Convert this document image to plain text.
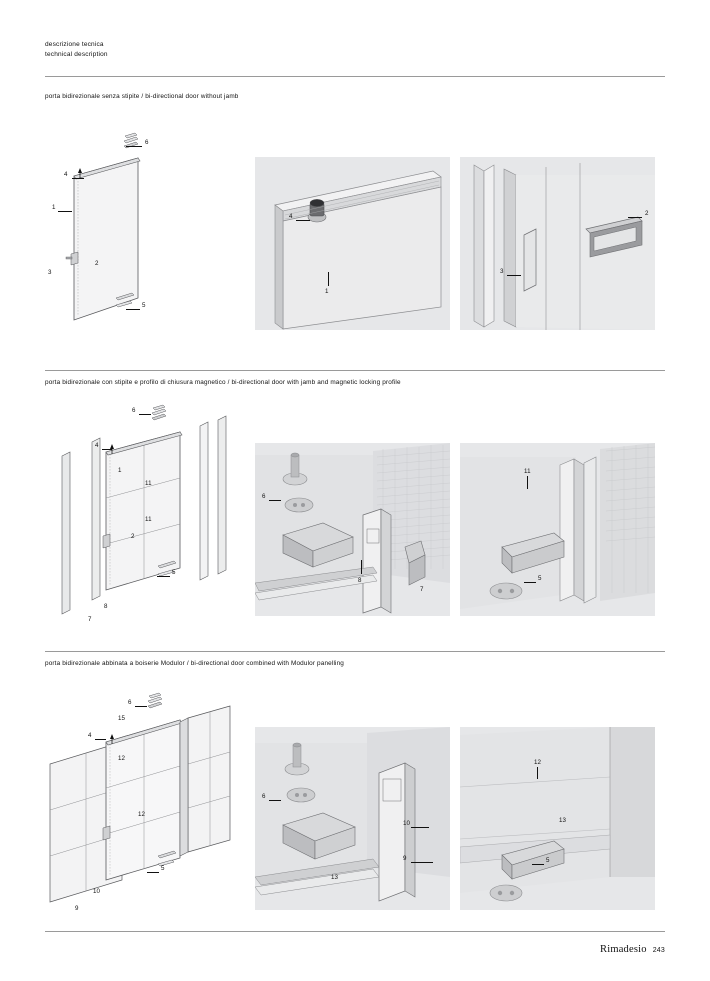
descrizione tecnica
technical description
porta bidirezionale senza stipite / bi-directional door without jamb
6
4
1
3
2
5
4
1
2
3
porta bidirezionale con stipite e profilo di chiusura magnetico / bi-directional door with jamb and magnetic locking profile
6
4
1
11
11
2
5
8
7
6
8
7
11
5
porta bidirezionale abbinata a boiserie Modulor / bi-directional door combined with Modulor panelling
6
15
4
12
12
5
10
9
6
10
13
9
12
13
5
Rimadesio 243
